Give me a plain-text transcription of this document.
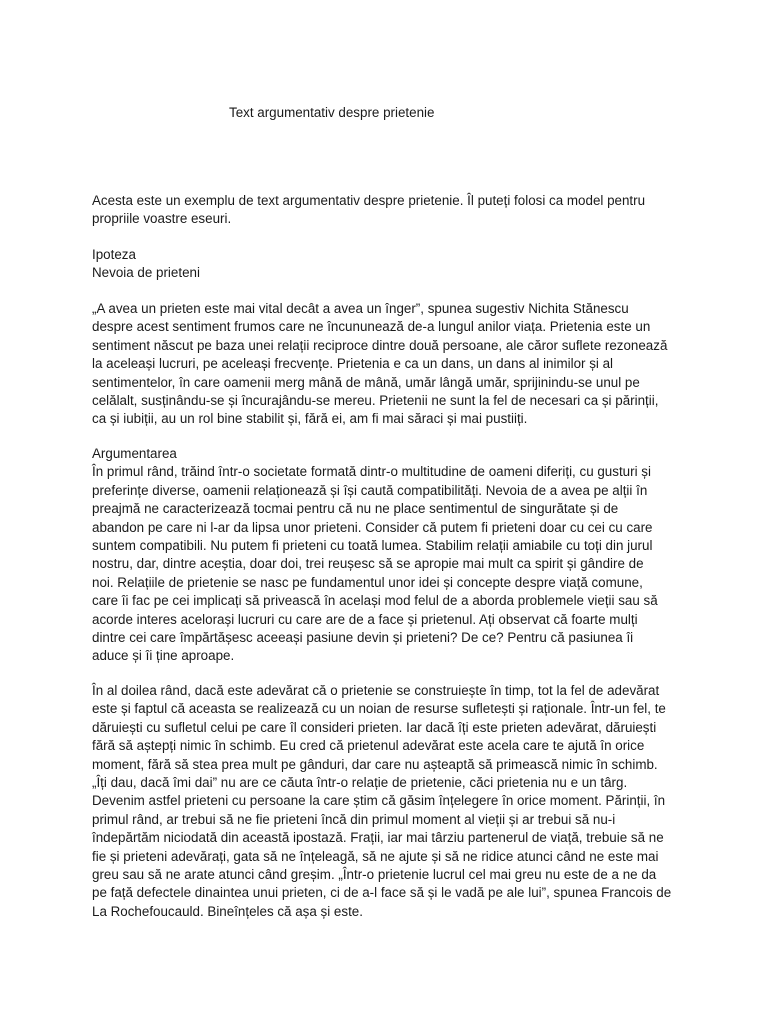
Text argumentativ despre prietenie
Acesta este un exemplu de text argumentativ despre prietenie. Îl puteți folosi ca model pentru
propriile voastre eseuri.
Ipoteza
Nevoia de prieteni
„A avea un prieten este mai vital decât a avea un înger”, spunea sugestiv Nichita Stănescu
despre acest sentiment frumos care ne încununează de-a lungul anilor viața. Prietenia este un
sentiment născut pe baza unei relații reciproce dintre două persoane, ale căror suflete rezonează
la aceleași lucruri, pe aceleași frecvențe. Prietenia e ca un dans, un dans al inimilor și al
sentimentelor, în care oamenii merg mână de mână, umăr lângă umăr, sprijinindu-se unul pe
celălalt, susținându-se și încurajându-se mereu. Prietenii ne sunt la fel de necesari ca și părinții,
ca și iubiții, au un rol bine stabilit și, fără ei, am fi mai săraci și mai pustiiți.
Argumentarea
În primul rând, trăind într-o societate formată dintr-o multitudine de oameni diferiți, cu gusturi și
preferințe diverse, oamenii relaționează și își caută compatibilități. Nevoia de a avea pe alții în
preajmă ne caracterizează tocmai pentru că nu ne place sentimentul de singurătate și de
abandon pe care ni l-ar da lipsa unor prieteni. Consider că putem fi prieteni doar cu cei cu care
suntem compatibili. Nu putem fi prieteni cu toată lumea. Stabilim relații amiabile cu toți din jurul
nostru, dar, dintre aceștia, doar doi, trei reușesc să se apropie mai mult ca spirit și gândire de
noi. Relațiile de prietenie se nasc pe fundamentul unor idei și concepte despre viață comune,
care îi fac pe cei implicați să privească în același mod felul de a aborda problemele vieții sau să
acorde interes acelorași lucruri cu care are de a face și prietenul. Ați observat că foarte mulți
dintre cei care împărtășesc aceeași pasiune devin și prieteni? De ce? Pentru că pasiunea îi
aduce și îi ține aproape.
În al doilea rând, dacă este adevărat că o prietenie se construiește în timp, tot la fel de adevărat
este și faptul că aceasta se realizează cu un noian de resurse sufletești și raționale. Într-un fel, te
dăruiești cu sufletul celui pe care îl consideri prieten. Iar dacă îți este prieten adevărat, dăruiești
fără să aștepți nimic în schimb. Eu cred că prietenul adevărat este acela care te ajută în orice
moment, fără să stea prea mult pe gânduri, dar care nu așteaptă să primească nimic în schimb.
„Îți dau, dacă îmi dai” nu are ce căuta într-o relație de prietenie, căci prietenia nu e un târg.
Devenim astfel prieteni cu persoane la care știm că găsim înțelegere în orice moment. Părinții, în
primul rând, ar trebui să ne fie prieteni încă din primul moment al vieții și ar trebui să nu-i
îndepărtăm niciodată din această ipostază. Frații, iar mai târziu partenerul de viață, trebuie să ne
fie și prieteni adevărați, gata să ne înțeleagă, să ne ajute și să ne ridice atunci când ne este mai
greu sau să ne arate atunci când greșim. „Într-o prietenie lucrul cel mai greu nu este de a ne da
pe față defectele dinaintea unui prieten, ci de a-l face să și le vadă pe ale lui”, spunea Francois de
La Rochefoucauld. Bineînțeles că așa și este.
